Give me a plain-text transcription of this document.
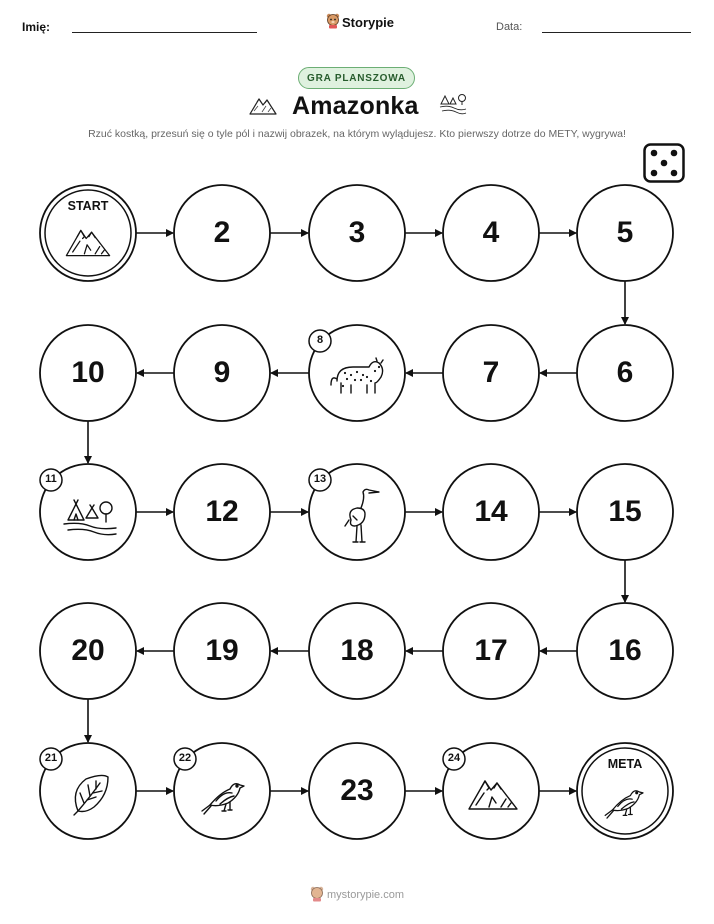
Imię:	Storypie	Data:
GRA PLANSZOWA
Amazonka
Rzuć kostką, przesuń się o tyle pól i nazwij obrazek, na którym wylądujesz. Kto pierwszy dotrze do METY, wygrywa!
START
2	3	4	5
6
7
8
9
10
11
12
13
14	15
16
17
18
19
20
21	22
23
24	META
mystorypie.com
